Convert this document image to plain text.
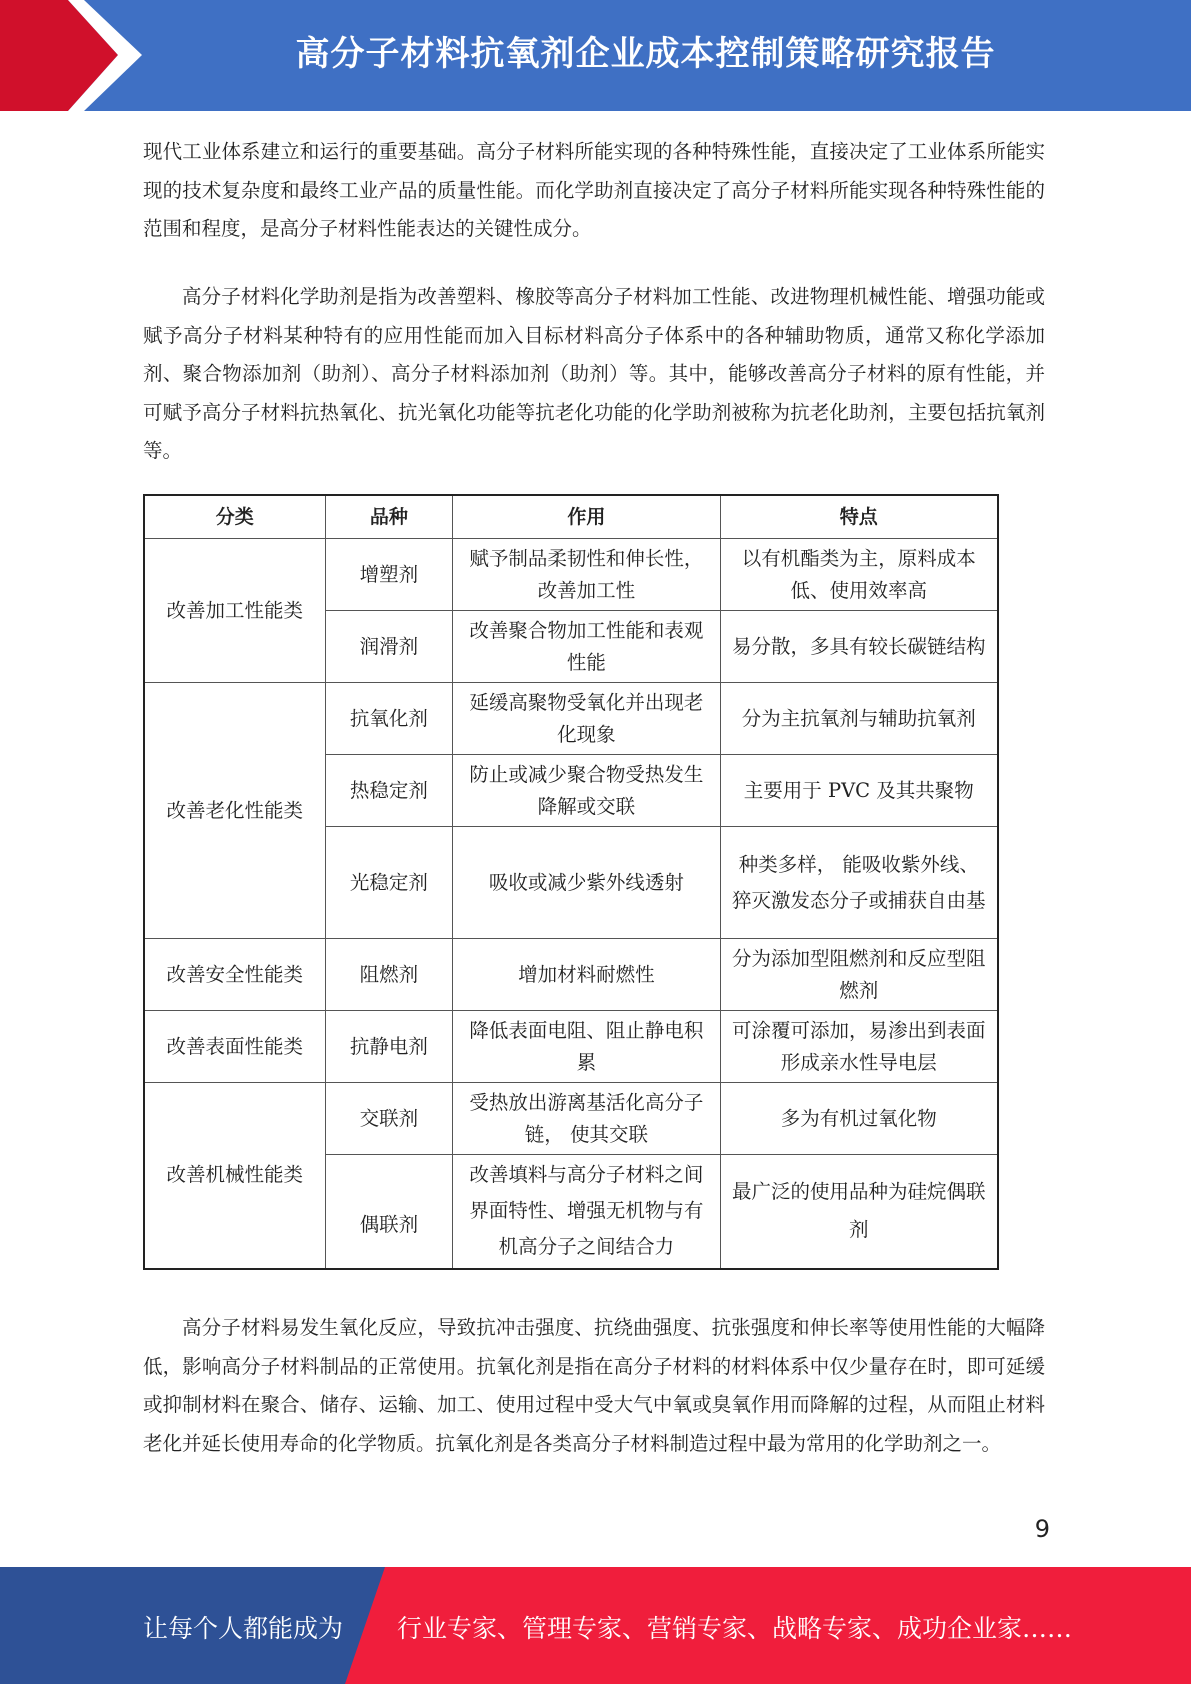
高分子材料抗氧剂企业成本控制策略研究报告

现代工业体系建立和运行的重要基础。高分子材料所能实现的各种特殊性能，直接决定了工业体系所能实现的技术复杂度和最终工业产品的质量性能。而化学助剂直接决定了高分子材料所能实现各种特殊性能的范围和程度，是高分子材料性能表达的关键性成分。

高分子材料化学助剂是指为改善塑料、橡胶等高分子材料加工性能、改进物理机械性能、增强功能或赋予高分子材料某种特有的应用性能而加入目标材料高分子体系中的各种辅助物质，通常又称化学添加剂、聚合物添加剂（助剂）、高分子材料添加剂（助剂）等。其中，能够改善高分子材料的原有性能，并可赋予高分子材料抗热氧化、抗光氧化功能等抗老化功能的化学助剂被称为抗老化助剂，主要包括抗氧剂等。

分类	品种	作用	特点
改善加工性能类	增塑剂	赋予制品柔韧性和伸长性，改善加工性	以有机酯类为主，原料成本低、使用效率高
	润滑剂	改善聚合物加工性能和表观性能	易分散，多具有较长碳链结构
改善老化性能类	抗氧化剂	延缓高聚物受氧化并出现老化现象	分为主抗氧剂与辅助抗氧剂
	热稳定剂	防止或减少聚合物受热发生降解或交联	主要用于 PVC 及其共聚物
	光稳定剂	吸收或减少紫外线透射	种类多样， 能吸收紫外线、猝灭激发态分子或捕获自由基
改善安全性能类	阻燃剂	增加材料耐燃性	分为添加型阻燃剂和反应型阻燃剂
改善表面性能类	抗静电剂	降低表面电阻、阻止静电积累	可涂覆可添加，易渗出到表面形成亲水性导电层
改善机械性能类	交联剂	受热放出游离基活化高分子链， 使其交联	多为有机过氧化物
	偶联剂	改善填料与高分子材料之间界面特性、增强无机物与有机高分子之间结合力	最广泛的使用品种为硅烷偶联剂

高分子材料易发生氧化反应，导致抗冲击强度、抗绕曲强度、抗张强度和伸长率等使用性能的大幅降低，影响高分子材料制品的正常使用。抗氧化剂是指在高分子材料的材料体系中仅少量存在时，即可延缓或抑制材料在聚合、储存、运输、加工、使用过程中受大气中氧或臭氧作用而降解的过程，从而阻止材料老化并延长使用寿命的化学物质。抗氧化剂是各类高分子材料制造过程中最为常用的化学助剂之一。

9
让每个人都能成为 行业专家、管理专家、营销专家、战略专家、成功企业家……
